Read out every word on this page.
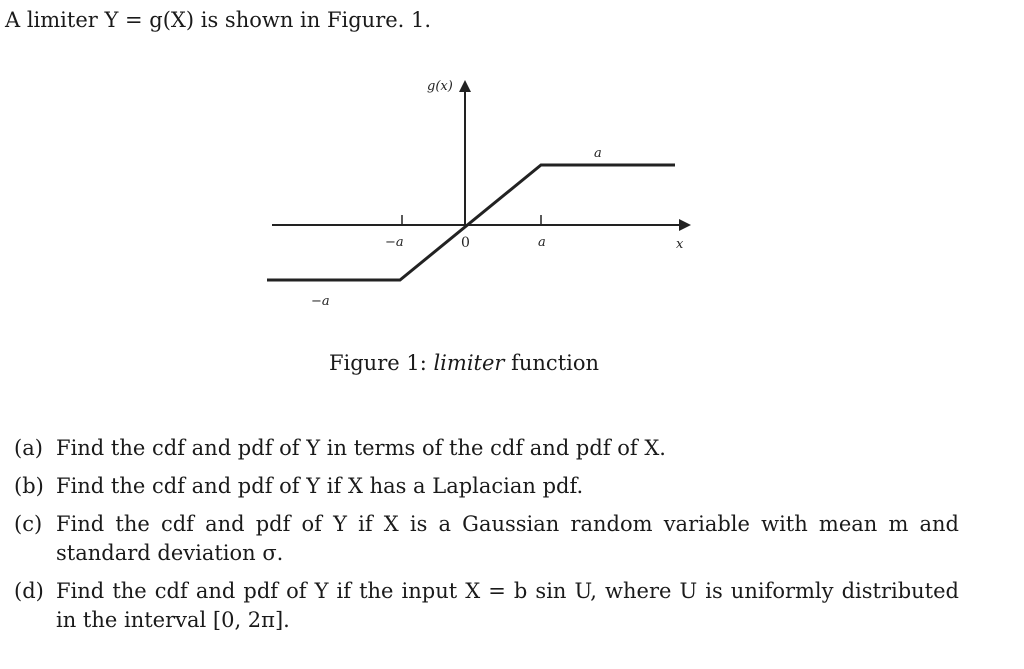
A limiter Y = g(X) is shown in Figure. 1.
g(x)
x
−a	0	a
a
−a
Figure 1: limiter function
(a) Find the cdf and pdf of Y in terms of the cdf and pdf of X.
(b) Find the cdf and pdf of Y if X has a Laplacian pdf.
(c) Find the cdf and pdf of Y if X is a Gaussian random variable with mean m and standard deviation σ.
(d) Find the cdf and pdf of Y if the input X = b sin U, where U is uniformly distributed in the interval [0, 2π].
